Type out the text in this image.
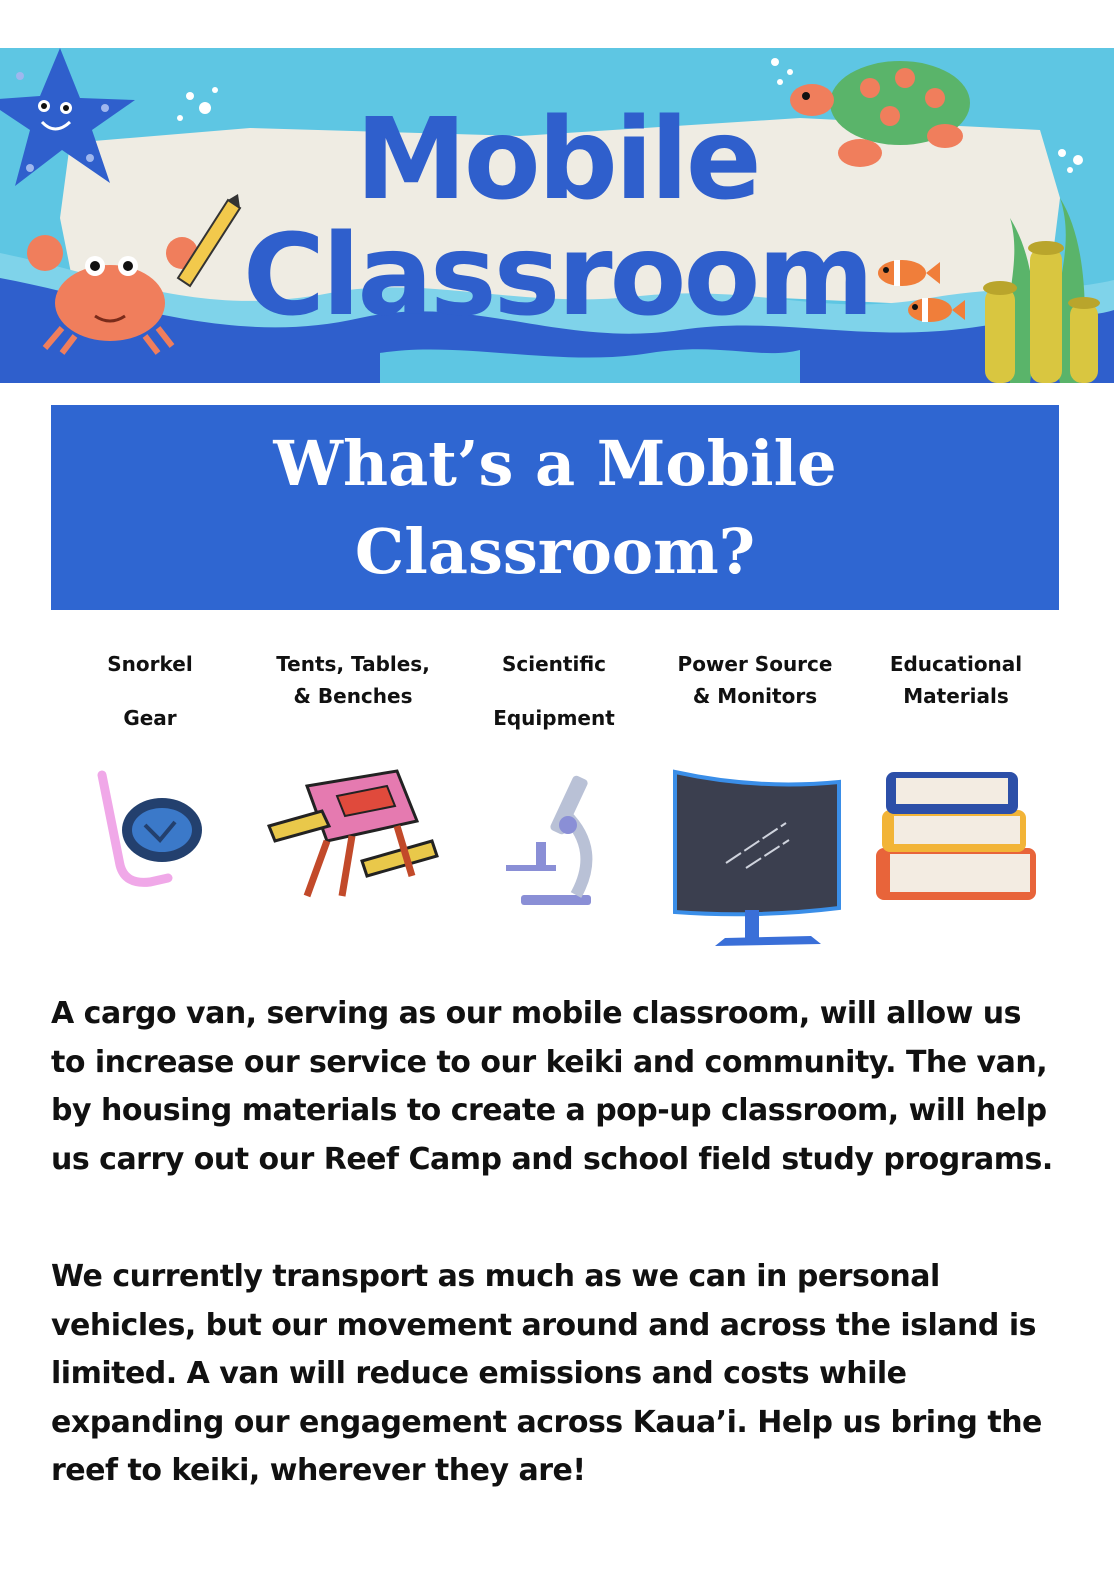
Mobile
Classroom
What’s a Mobile
Classroom?
Snorkel
Gear
Tents, Tables,
& Benches
Scientific
Equipment
Power Source
& Monitors
Educational
Materials
A cargo van, serving as our mobile classroom, will allow us to increase our service to our keiki and community. The van, by housing materials to create a pop-up classroom, will help us carry out our Reef Camp and school field study programs.
We currently transport as much as we can in personal vehicles, but our movement around and across the island is limited. A van will reduce emissions and costs while expanding our engagement across Kaua’i. Help us bring the reef to keiki, wherever they are!
